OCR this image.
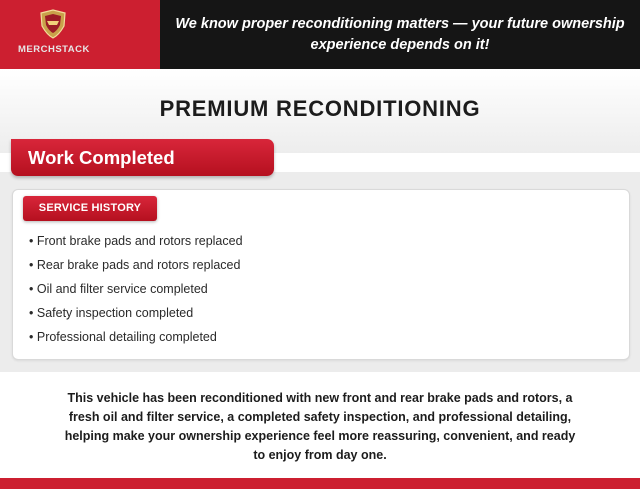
MERCHSTACK
We know proper reconditioning matters — your future ownership experience depends on it!
PREMIUM RECONDITIONING
Work Completed
SERVICE HISTORY
• Front brake pads and rotors replaced
• Rear brake pads and rotors replaced
• Oil and filter service completed
• Safety inspection completed
• Professional detailing completed
This vehicle has been reconditioned with new front and rear brake pads and rotors, a fresh oil and filter service, a completed safety inspection, and professional detailing, helping make your ownership experience feel more reassuring, convenient, and ready to enjoy from day one.
